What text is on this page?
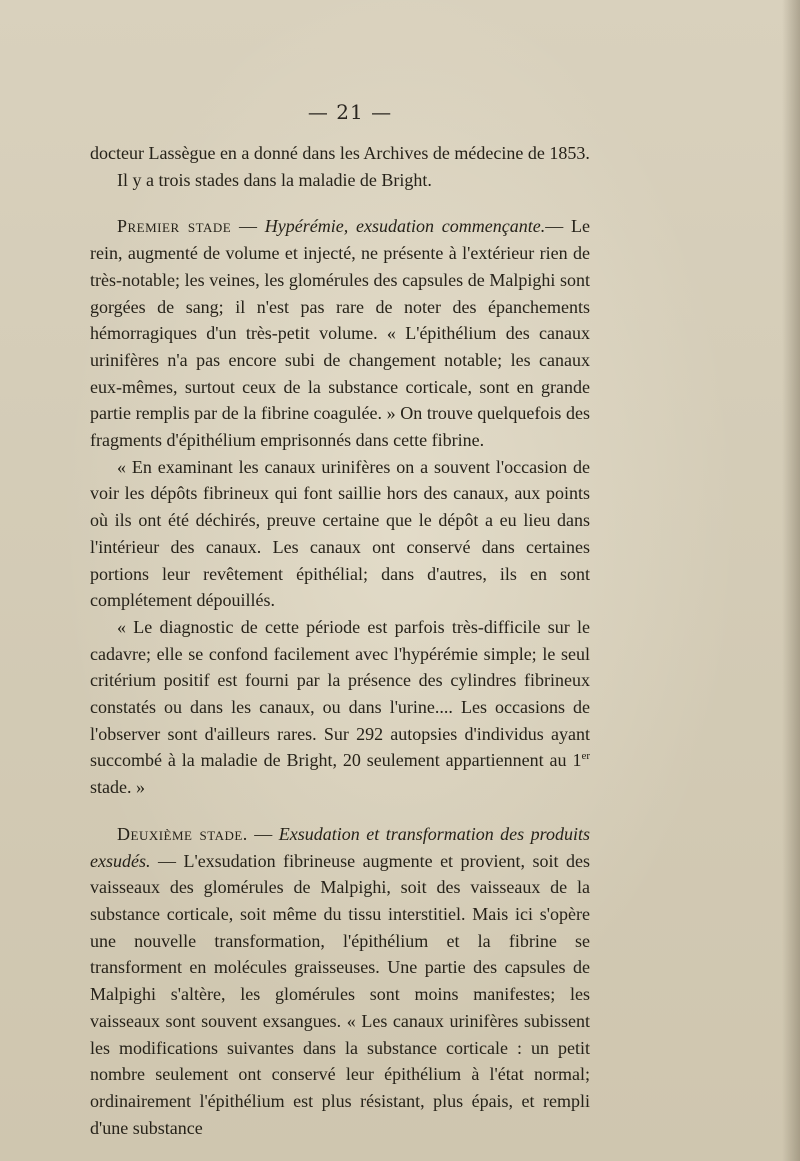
— 21 —

docteur Lassègue en a donné dans les Archives de médecine de 1853.

Il y a trois stades dans la maladie de Bright.

Premier stade — Hypérémie, exsudation commençante.— Le rein, augmenté de volume et injecté, ne présente à l'extérieur rien de très-notable; les veines, les glomérules des capsules de Malpighi sont gorgées de sang; il n'est pas rare de noter des épanchements hémorragiques d'un très-petit volume. « L'épithélium des canaux urinifères n'a pas encore subi de changement notable; les canaux eux-mêmes, surtout ceux de la substance corticale, sont en grande partie remplis par de la fibrine coagulée. » On trouve quelquefois des fragments d'épithélium emprisonnés dans cette fibrine.

« En examinant les canaux urinifères on a souvent l'occasion de voir les dépôts fibrineux qui font saillie hors des canaux, aux points où ils ont été déchirés, preuve certaine que le dépôt a eu lieu dans l'intérieur des canaux. Les canaux ont conservé dans certaines portions leur revêtement épithélial; dans d'autres, ils en sont complétement dépouillés.

« Le diagnostic de cette période est parfois très-difficile sur le cadavre; elle se confond facilement avec l'hypérémie simple; le seul critérium positif est fourni par la présence des cylindres fibrineux constatés ou dans les canaux, ou dans l'urine.... Les occasions de l'observer sont d'ailleurs rares. Sur 292 autopsies d'individus ayant succombé à la maladie de Bright, 20 seulement appartiennent au 1er stade. »

Deuxième stade. — Exsudation et transformation des produits exsudés. — L'exsudation fibrineuse augmente et provient, soit des vaisseaux des glomérules de Malpighi, soit des vaisseaux de la substance corticale, soit même du tissu interstitiel. Mais ici s'opère une nouvelle transformation, l'épithélium et la fibrine se transforment en molécules graisseuses. Une partie des capsules de Malpighi s'altère, les glomérules sont moins manifestes; les vaisseaux sont souvent exsangues. « Les canaux urinifères subissent les modifications suivantes dans la substance corticale : un petit nombre seulement ont conservé leur épithélium à l'état normal; ordinairement l'épithélium est plus résistant, plus épais, et rempli d'une substance
